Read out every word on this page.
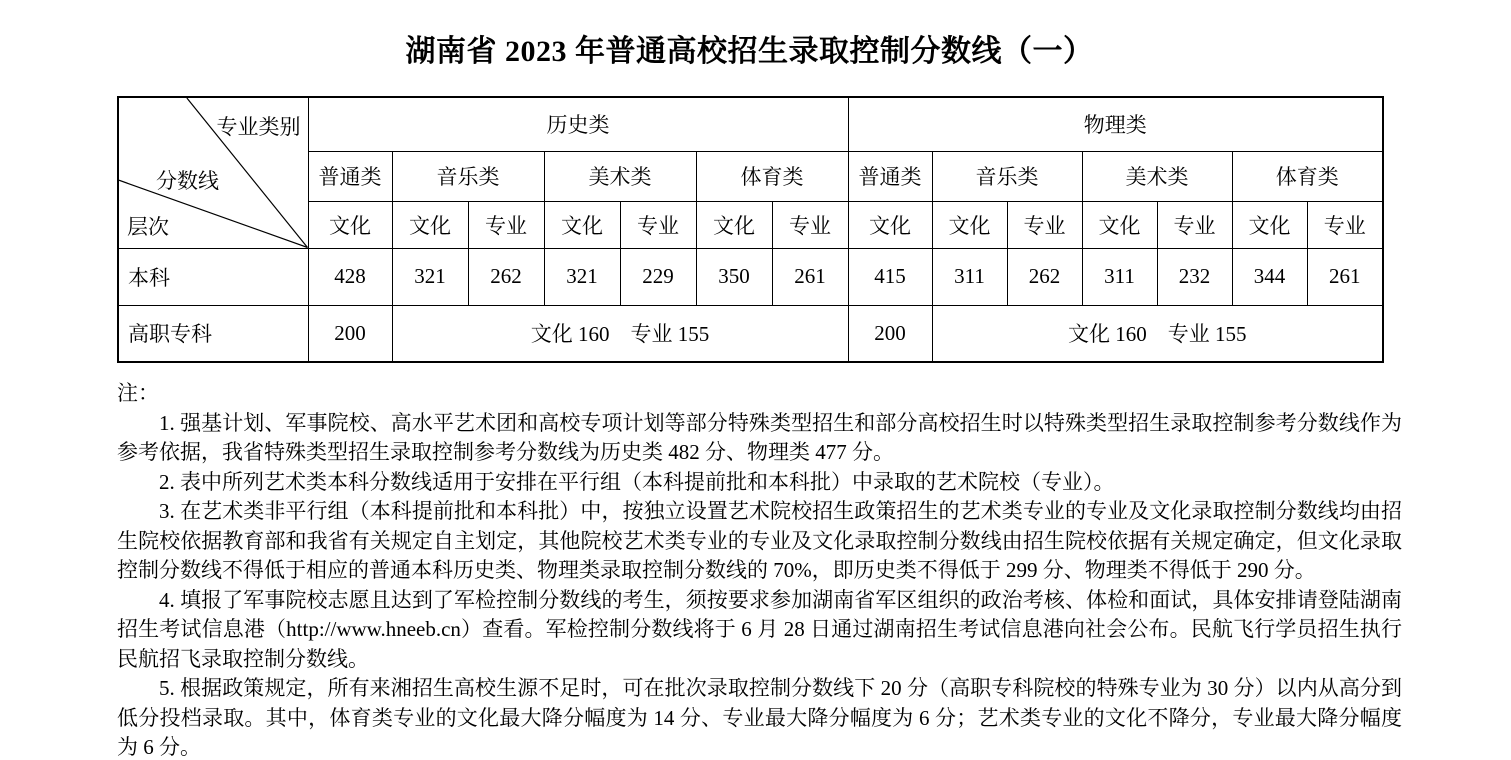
湖南省 2023 年普通高校招生录取控制分数线（一）
专业类别
分数线
层次	历史类							物理类						
	普通类	音乐类		美术类		体育类		普通类	音乐类		美术类		体育类	
	文化	文化	专业	文化	专业	文化	专业	文化	文化	专业	文化	专业	文化	专业
本科	428	321	262	321	229	350	261	415	311	262	311	232	344	261
高职专科	200	文化 160    专业 155						200	文化 160    专业 155					

注：

1. 强基计划、军事院校、高水平艺术团和高校专项计划等部分特殊类型招生和部分高校招生时以特殊类型招生录取控制参考分数线作为参考依据，我省特殊类型招生录取控制参考分数线为历史类 482 分、物理类 477 分。

2. 表中所列艺术类本科分数线适用于安排在平行组（本科提前批和本科批）中录取的艺术院校（专业）。

3. 在艺术类非平行组（本科提前批和本科批）中，按独立设置艺术院校招生政策招生的艺术类专业的专业及文化录取控制分数线均由招生院校依据教育部和我省有关规定自主划定，其他院校艺术类专业的专业及文化录取控制分数线由招生院校依据有关规定确定，但文化录取控制分数线不得低于相应的普通本科历史类、物理类录取控制分数线的 70%，即历史类不得低于 299 分、物理类不得低于 290 分。

4. 填报了军事院校志愿且达到了军检控制分数线的考生，须按要求参加湖南省军区组织的政治考核、体检和面试，具体安排请登陆湖南招生考试信息港（http://www.hneeb.cn）查看。军检控制分数线将于 6 月 28 日通过湖南招生考试信息港向社会公布。民航飞行学员招生执行民航招飞录取控制分数线。

5. 根据政策规定，所有来湘招生高校生源不足时，可在批次录取控制分数线下 20 分（高职专科院校的特殊专业为 30 分）以内从高分到低分投档录取。其中，体育类专业的文化最大降分幅度为 14 分、专业最大降分幅度为 6 分；艺术类专业的文化不降分，专业最大降分幅度为 6 分。
